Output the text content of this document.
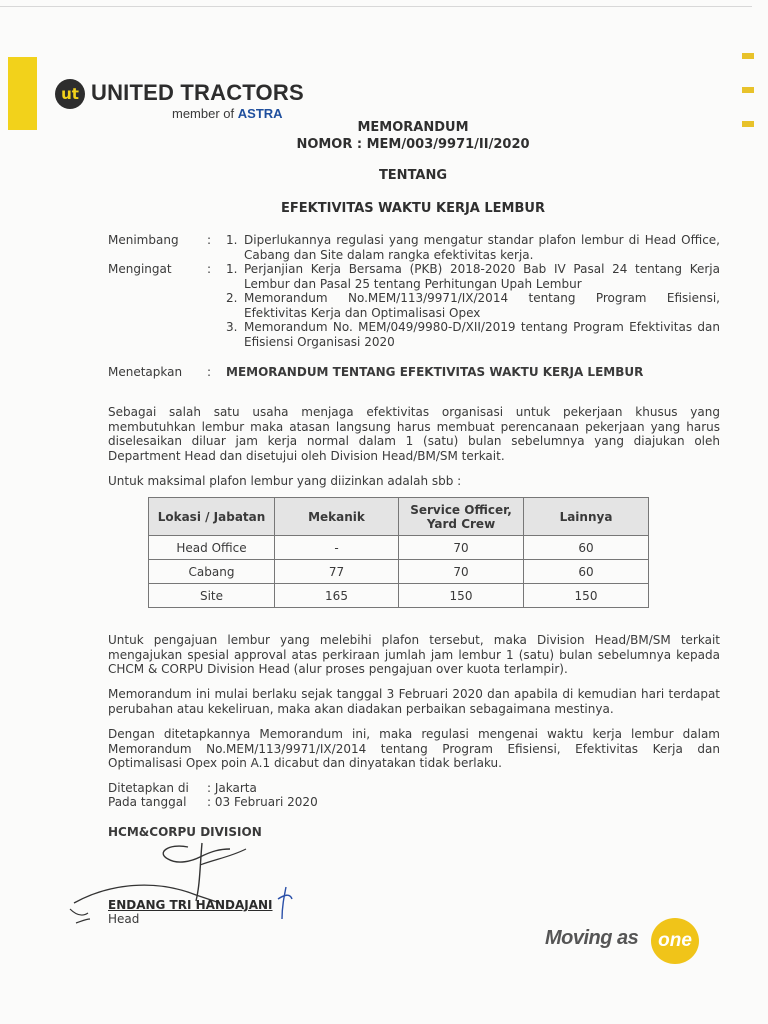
ut UNITED TRACTORS
member of ASTRA
MEMORANDUM
NOMOR : MEM/003/9971/II/2020
TENTANG
EFEKTIVITAS WAKTU KERJA LEMBUR
Menimbang : 1. Diperlukannya regulasi yang mengatur standar plafon lembur di Head Office, Cabang dan Site dalam rangka efektivitas kerja.
Mengingat	: 1. Perjanjian Kerja Bersama (PKB) 2018-2020 Bab IV Pasal 24 tentang Kerja Lembur dan Pasal 25 tentang Perhitungan Upah Lembur
2. Memorandum No.MEM/113/9971/IX/2014 tentang Program Efisiensi, Efektivitas Kerja dan Optimalisasi Opex
3. Memorandum No. MEM/049/9980-D/XII/2019 tentang Program Efektivitas dan Efisiensi Organisasi 2020
Menetapkan : MEMORANDUM TENTANG EFEKTIVITAS WAKTU KERJA LEMBUR
Sebagai salah satu usaha menjaga efektivitas organisasi untuk pekerjaan khusus yang membutuhkan lembur maka atasan langsung harus membuat perencanaan pekerjaan yang harus diselesaikan diluar jam kerja normal dalam 1 (satu) bulan sebelumnya yang diajukan oleh Department Head dan disetujui oleh Division Head/BM/SM terkait.
Untuk maksimal plafon lembur yang diizinkan adalah sbb :
Lokasi / Jabatan	Mekanik	Service Officer, Yard Crew	Lainnya
Head Office	-	70	60
Cabang	77	70	60
Site	165	150	150
Untuk pengajuan lembur yang melebihi plafon tersebut, maka Division Head/BM/SM terkait mengajukan spesial approval atas perkiraan jumlah jam lembur 1 (satu) bulan sebelumnya kepada CHCM & CORPU Division Head (alur proses pengajuan over kuota terlampir).
Memorandum ini mulai berlaku sejak tanggal 3 Februari 2020 dan apabila di kemudian hari terdapat perubahan atau kekeliruan, maka akan diadakan perbaikan sebagaimana mestinya.
Dengan ditetapkannya Memorandum ini, maka regulasi mengenai waktu kerja lembur dalam Memorandum No.MEM/113/9971/IX/2014 tentang Program Efisiensi, Efektivitas Kerja dan Optimalisasi Opex poin A.1 dicabut dan dinyatakan tidak berlaku.
Ditetapkan di : Jakarta
Pada tanggal : 03 Februari 2020
HCM&CORPU DIVISION
ENDANG TRI HANDAJANI
Head
Moving as one
